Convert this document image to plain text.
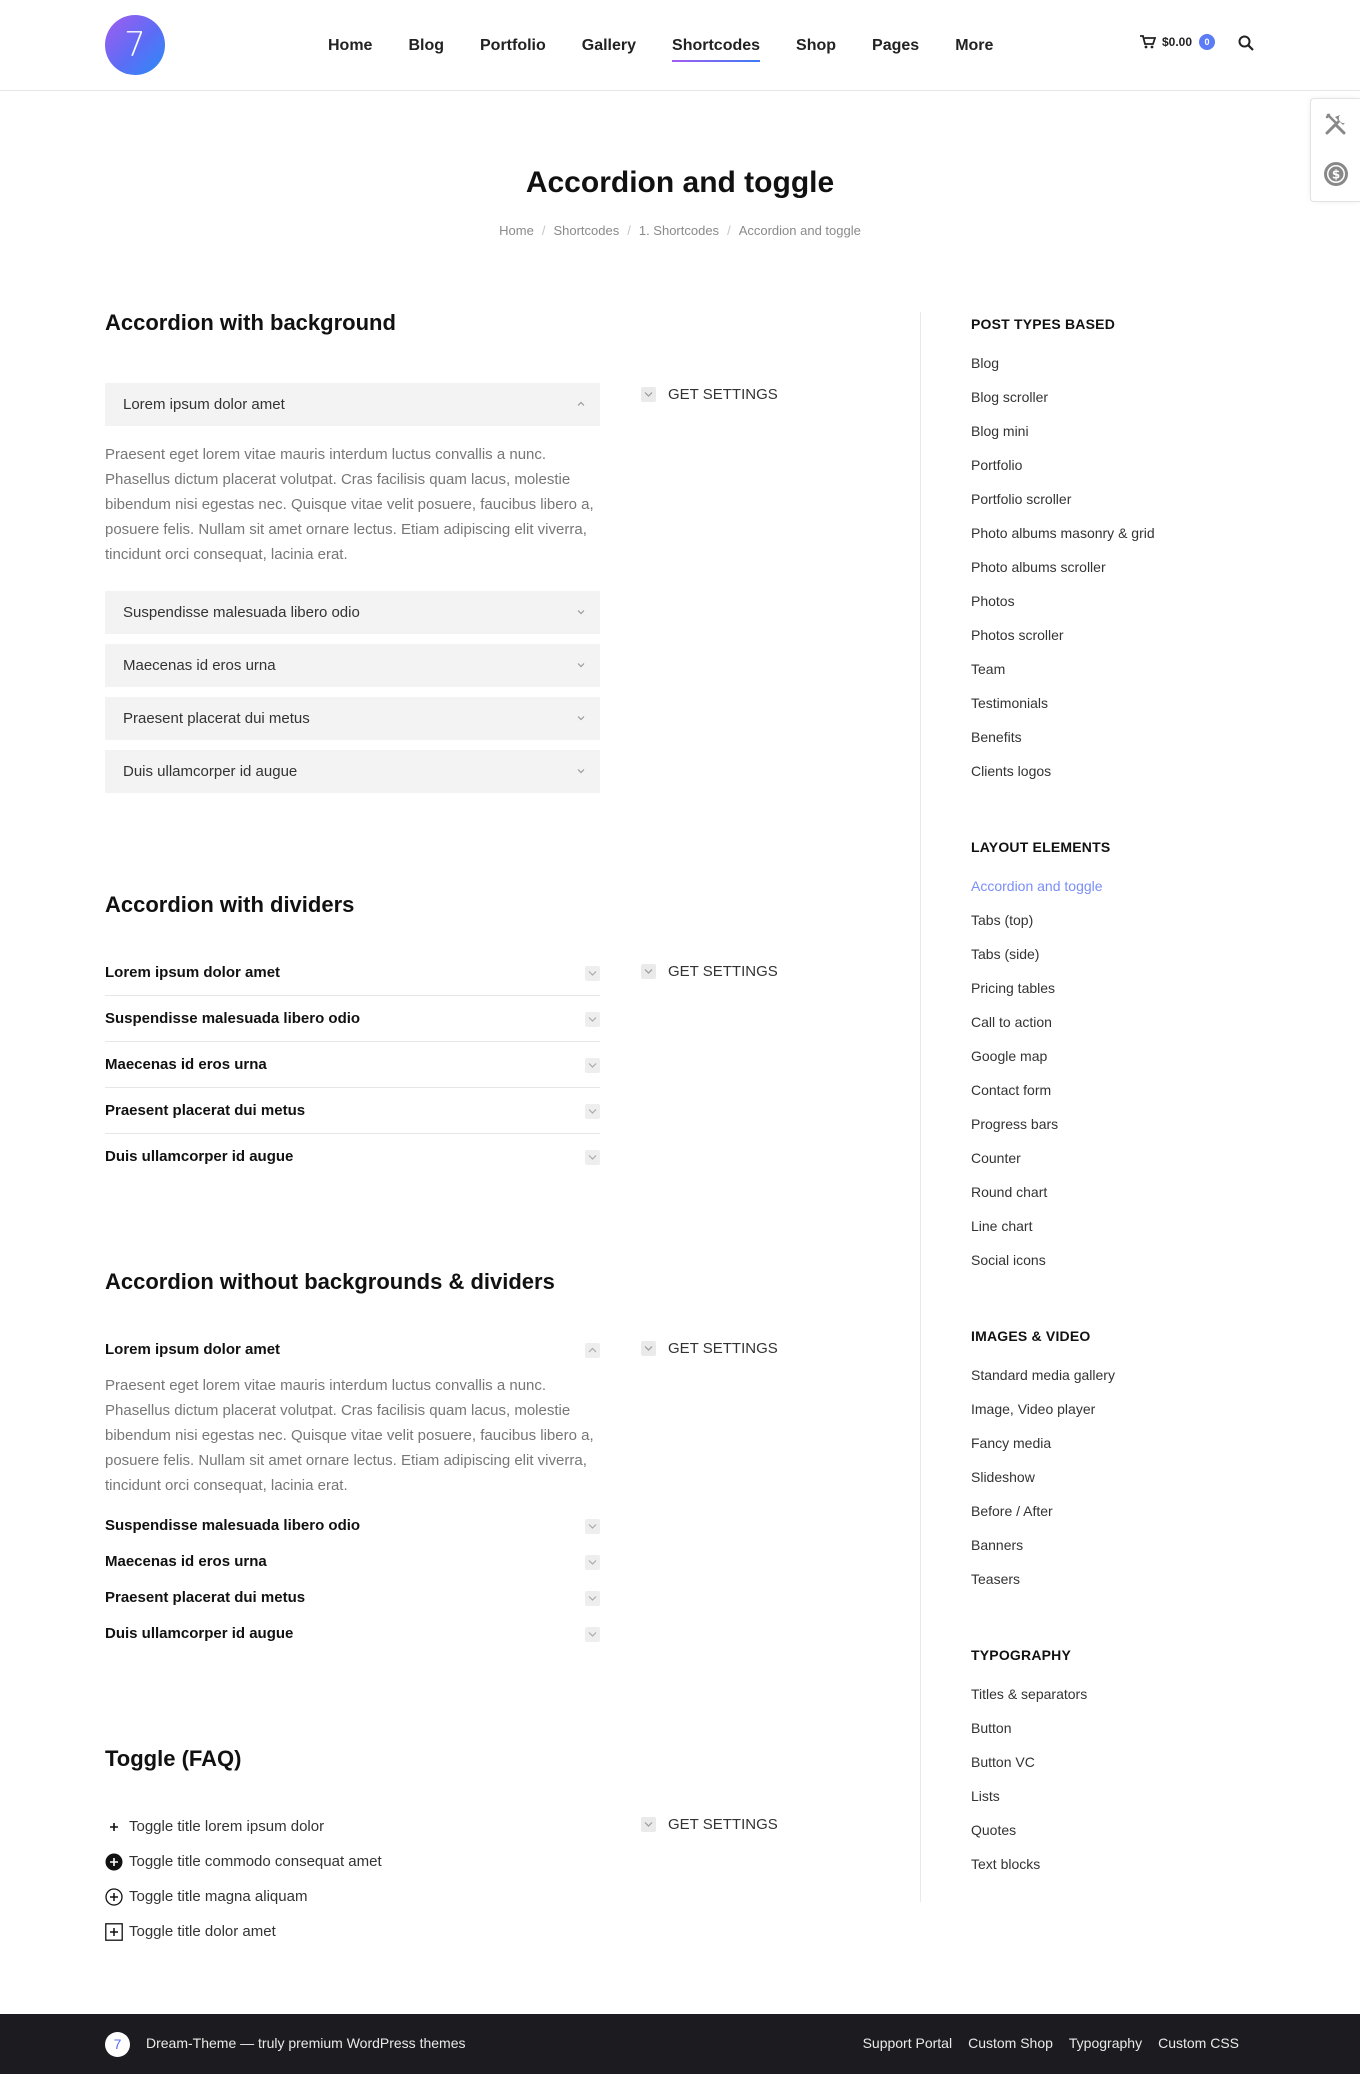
7	Home Blog Portfolio Gallery Shortcodes Shop Pages More	$0.00	0
$
Accordion and toggle
Home / Shortcodes / 1. Shortcodes / Accordion and toggle
Accordion with background
Lorem ipsum dolor amet

Praesent eget lorem vitae mauris interdum luctus convallis a nunc. Phasellus dictum placerat volutpat. Cras facilisis quam lacus, molestie bibendum nisi egestas nec. Quisque vitae velit posuere, faucibus libero a, posuere felis. Nullam sit amet ornare lectus. Etiam adipiscing elit viverra, tincidunt orci consequat, lacinia erat.

Suspendisse malesuada libero odio
Maecenas id eros urna
Praesent placerat dui metus
Duis ullamcorper id augue
GET SETTINGS
Accordion with dividers
Lorem ipsum dolor amet
Suspendisse malesuada libero odio
Maecenas id eros urna
Praesent placerat dui metus
Duis ullamcorper id augue
GET SETTINGS
Accordion without backgrounds & dividers
Lorem ipsum dolor amet

Praesent eget lorem vitae mauris interdum luctus convallis a nunc. Phasellus dictum placerat volutpat. Cras facilisis quam lacus, molestie bibendum nisi egestas nec. Quisque vitae velit posuere, faucibus libero a, posuere felis. Nullam sit amet ornare lectus. Etiam adipiscing elit viverra, tincidunt orci consequat, lacinia erat.

Suspendisse malesuada libero odio
Maecenas id eros urna
Praesent placerat dui metus
Duis ullamcorper id augue
GET SETTINGS
Toggle (FAQ)
Toggle title lorem ipsum dolor
Toggle title commodo consequat amet
Toggle title magna aliquam
Toggle title dolor amet
GET SETTINGS
POST TYPES BASED
Blog
Blog scroller
Blog mini
Portfolio
Portfolio scroller
Photo albums masonry & grid
Photo albums scroller
Photos
Photos scroller
Team
Testimonials
Benefits
Clients logos
LAYOUT ELEMENTS
Accordion and toggle
Tabs (top)
Tabs (side)
Pricing tables
Call to action
Google map
Contact form
Progress bars
Counter
Round chart
Line chart
Social icons
IMAGES & VIDEO
Standard media gallery
Image, Video player
Fancy media
Slideshow
Before / After
Banners
Teasers
TYPOGRAPHY
Titles & separators
Button
Button VC
Lists
Quotes
Text blocks
7	Dream-Theme — truly premium WordPress themes	Support Portal Custom Shop Typography Custom CSS
